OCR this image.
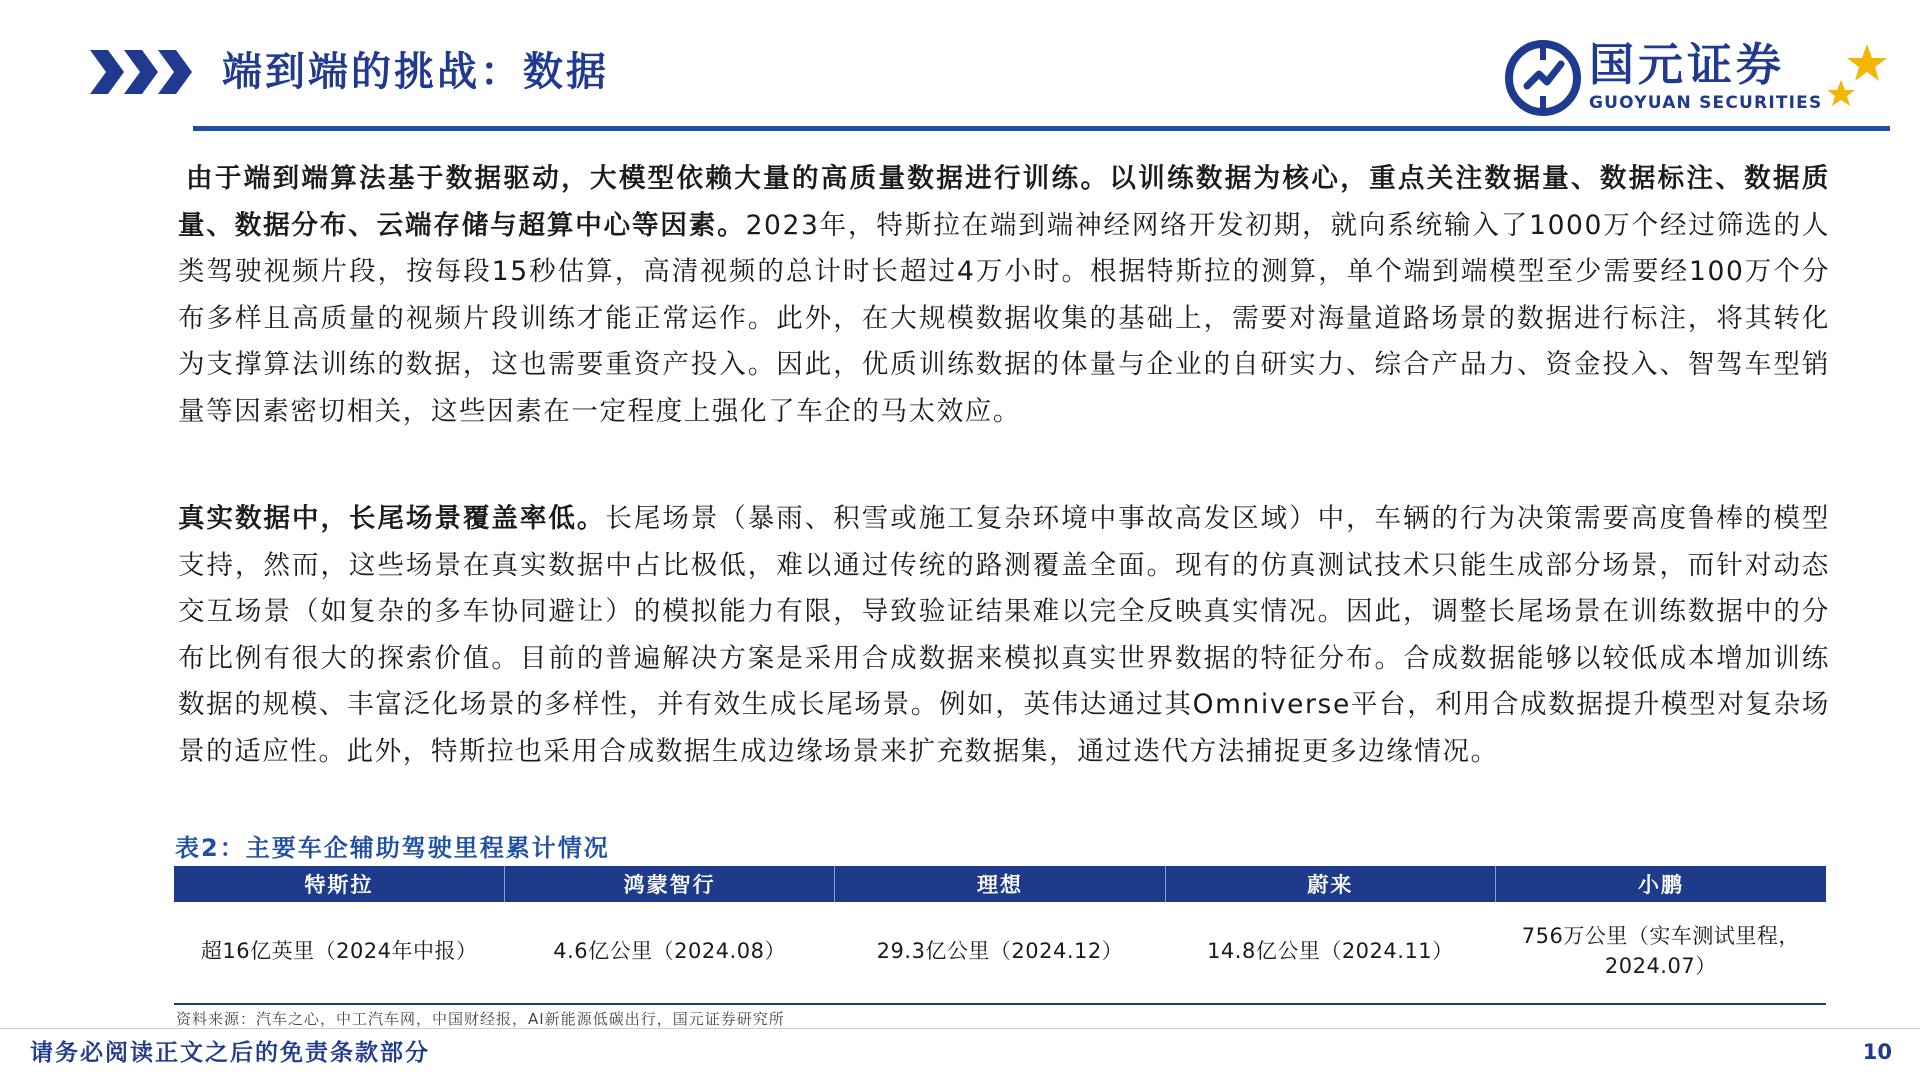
端到端的挑战：数据	国元证券
GUOYUAN SECURITIES

由于端到端算法基于数据驱动，大模型依赖大量的高质量数据进行训练。以训练数据为核心，重点关注数据量、数据标注、数据质量、数据分布、云端存储与超算中心等因素。2023年，特斯拉在端到端神经网络开发初期，就向系统输入了1000万个经过筛选的人类驾驶视频片段，按每段15秒估算，高清视频的总计时长超过4万小时。根据特斯拉的测算，单个端到端模型至少需要经100万个分布多样且高质量的视频片段训练才能正常运作。此外，在大规模数据收集的基础上，需要对海量道路场景的数据进行标注，将其转化为支撑算法训练的数据，这也需要重资产投入。因此，优质训练数据的体量与企业的自研实力、综合产品力、资金投入、智驾车型销量等因素密切相关，这些因素在一定程度上强化了车企的马太效应。

真实数据中，长尾场景覆盖率低。长尾场景（暴雨、积雪或施工复杂环境中事故高发区域）中，车辆的行为决策需要高度鲁棒的模型支持，然而，这些场景在真实数据中占比极低，难以通过传统的路测覆盖全面。现有的仿真测试技术只能生成部分场景，而针对动态交互场景（如复杂的多车协同避让）的模拟能力有限，导致验证结果难以完全反映真实情况。因此，调整长尾场景在训练数据中的分布比例有很大的探索价值。目前的普遍解决方案是采用合成数据来模拟真实世界数据的特征分布。合成数据能够以较低成本增加训练数据的规模、丰富泛化场景的多样性，并有效生成长尾场景。例如，英伟达通过其Omniverse平台，利用合成数据提升模型对复杂场景的适应性。此外，特斯拉也采用合成数据生成边缘场景来扩充数据集，通过迭代方法捕捉更多边缘情况。

表2：主要车企辅助驾驶里程累计情况
特斯拉	鸿蒙智行	理想	蔚来	小鹏
超16亿英里（2024年中报）	4.6亿公里（2024.08）	29.3亿公里（2024.12）	14.8亿公里（2024.11）	756万公里（实车测试里程，2024.07）
资料来源：汽车之心，中工汽车网，中国财经报，AI新能源低碳出行，国元证券研究所
请务必阅读正文之后的免责条款部分	10
